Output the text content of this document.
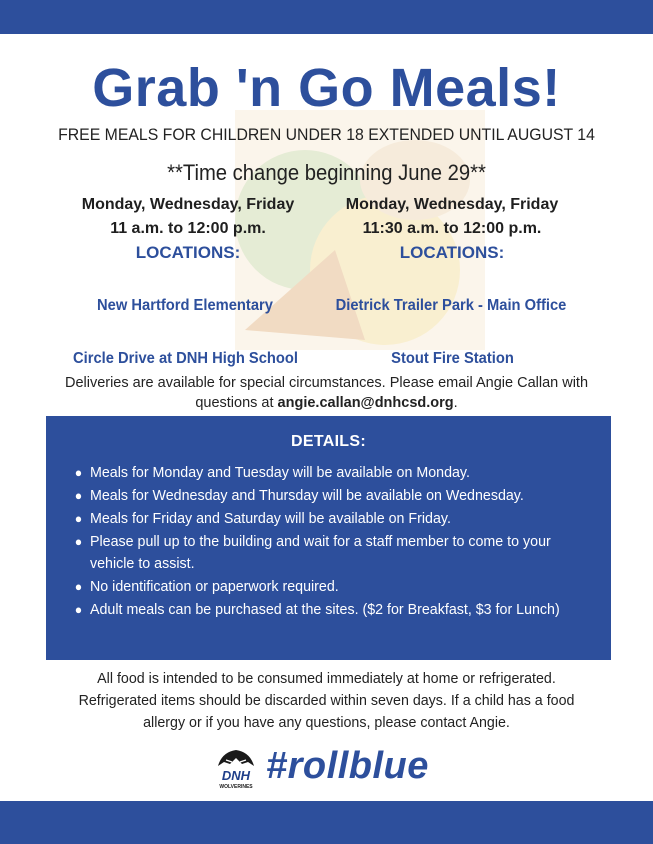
Grab 'n Go Meals!
FREE MEALS FOR CHILDREN UNDER 18 EXTENDED UNTIL AUGUST 14
**Time change beginning June 29**
Monday, Wednesday, Friday
11 a.m. to 12:00 p.m.
LOCATIONS:
Monday, Wednesday, Friday
11:30 a.m. to 12:00 p.m.
LOCATIONS:
New Hartford Elementary	Dietrick Trailer Park - Main Office
Circle Drive at DNH High School	Stout Fire Station
Deliveries are available for special circumstances. Please email Angie Callan with questions at angie.callan@dnhcsd.org.
DETAILS:
● Meals for Monday and Tuesday will be available on Monday.
● Meals for Wednesday and Thursday will be available on Wednesday.
● Meals for Friday and Saturday will be available on Friday.
● Please pull up to the building and wait for a staff member to come to your vehicle to assist.
● No identification or paperwork required.
● Adult meals can be purchased at the sites. ($2 for Breakfast, $3 for Lunch)
All food is intended to be consumed immediately at home or refrigerated. Refrigerated items should be discarded within seven days. If a child has a food allergy or if you have any questions, please contact Angie.
DNH
WOLVERINES #rollblue
